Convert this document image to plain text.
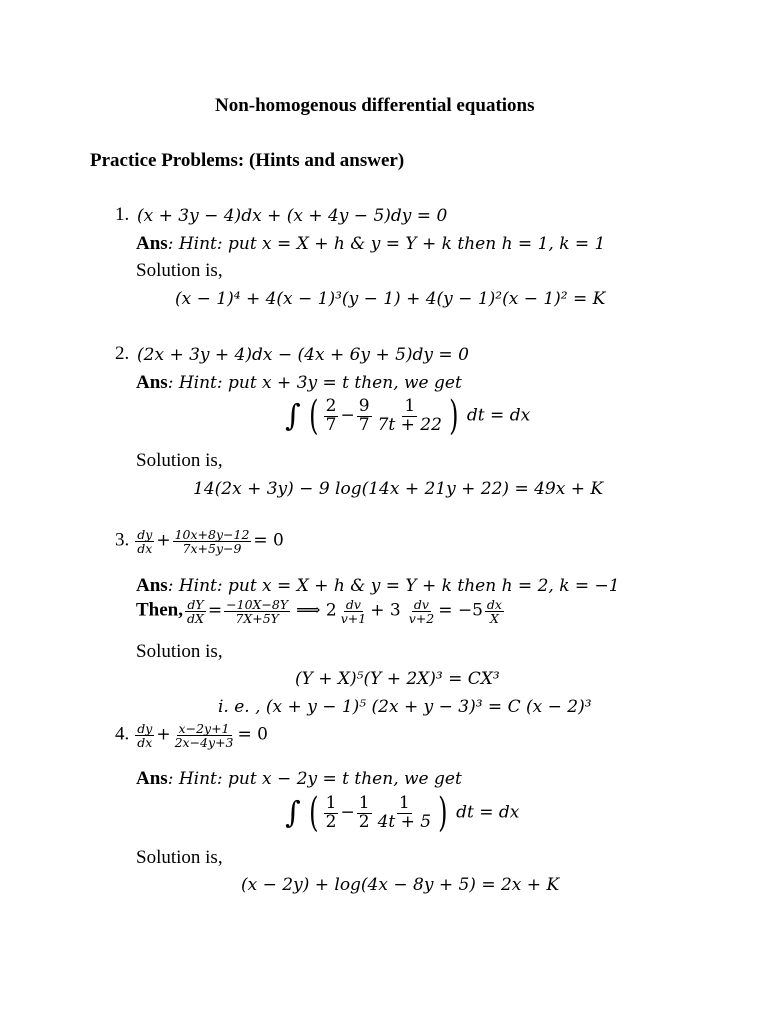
Non-homogenous differential equations
Practice Problems: (Hints and answer)
1. (x + 3y − 4)dx + (x + 4y − 5)dy = 0
Ans: Hint: put x = X + h & y = Y + k then h = 1, k = 1
Solution is,
(x − 1)⁴ + 4(x − 1)³(y − 1) + 4(y − 1)²(x − 1)² = K
2. (2x + 3y + 4)dx − (4x + 6y + 5)dy = 0
Ans: Hint: put x + 3y = t then, we get
∫ ( $\frac{2}{7} - \frac{9}{7} \frac{1}{7t + 22}$ ) dt = dx
Solution is,
14(2x + 3y) − 9 log(14x + 21y + 22) = 49x + K
3. $\frac{dy}{dx} + \frac{10x+8y-12}{7x+5y-9} = 0$
Ans: Hint: put x = X + h & y = Y + k then h = 2, k = −1
Then, $\frac{dY}{dX} = \frac{-10X-8Y}{7X+5Y}$ ⟹ $2 \frac{dv}{v+1} + 3 \frac{dv}{v+2} = -5 \frac{dx}{X}$
Solution is,
(Y + X)⁵(Y + 2X)³ = CX³
i. e. , (x + y − 1)⁵ (2x + y − 3)³ = C (x − 2)³
4. $\frac{dy}{dx} + \frac{x-2y+1}{2x-4y+3} = 0$
Ans: Hint: put x − 2y = t then, we get
∫ ( $\frac{1}{2} - \frac{1}{2} \frac{1}{4t + 5}$ ) dt = dx
Solution is,
(x − 2y) + log(4x − 8y + 5) = 2x + K
